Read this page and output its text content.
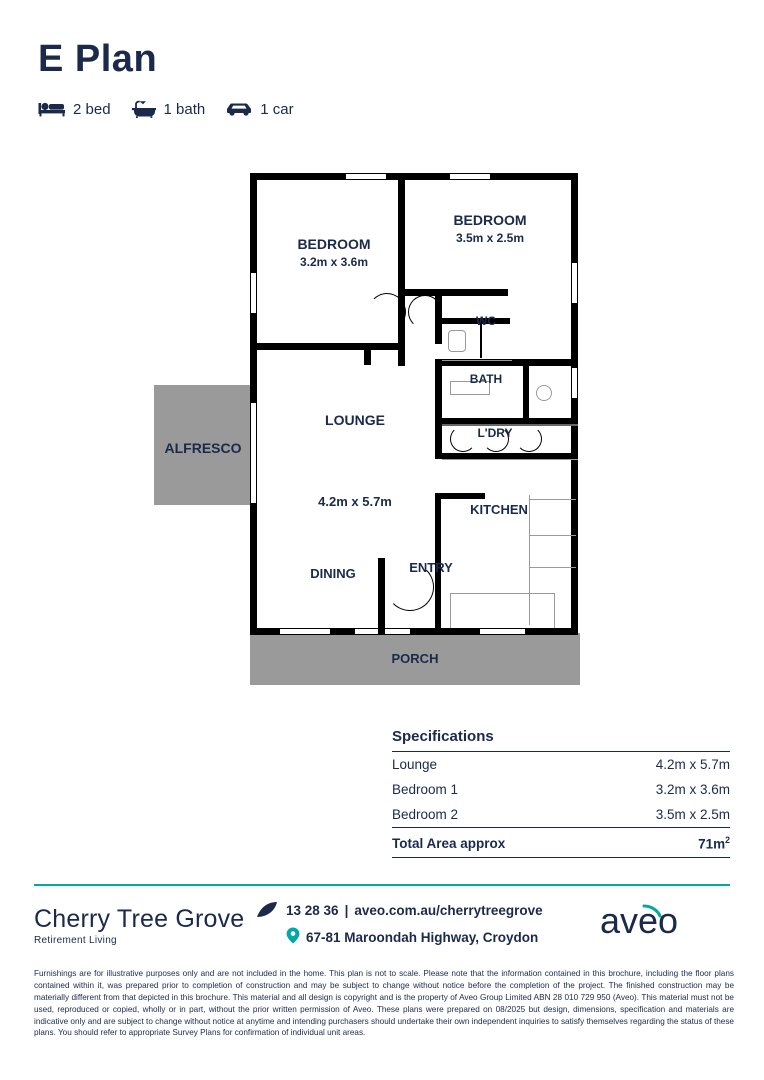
E Plan
2 bed	1 bath	1 car
BEDROOM
3.2m x 3.6m
BEDROOM
3.5m x 2.5m
WC
BATH
L'DRY
LOUNGE
4.2m x 5.7m
ALFRESCO
KITCHEN
DINING	ENTRY
PORCH
Specifications

Lounge	4.2m x 5.7m
Bedroom 1	3.2m x 3.6m
Bedroom 2	3.5m x 2.5m
Total Area approx	$71m^2$

Cherry Tree Grove
Retirement Living
13 28 36 | aveo.com.au/cherrytreegrove
67-81 Maroondah Highway, Croydon aveo
Furnishings are for illustrative purposes only and are not included in the home. This plan is not to scale. Please note that the information contained in this brochure, including the floor plans contained within it, was prepared prior to completion of construction and may be subject to change without notice before the completion of the project. The finished construction may be materially different from that depicted in this brochure. This material and all design is copyright and is the property of Aveo Group Limited ABN 28 010 729 950 (Aveo). This material must not be used, reproduced or copied, wholly or in part, without the prior written permission of Aveo. These plans were prepared on 08/2025 but design, dimensions, specification and materials are indicative only and are subject to change without notice at anytime and intending purchasers should undertake their own independent inquiries to satisfy themselves regarding the status of these plans. You should refer to appropriate Survey Plans for confirmation of individual unit areas.
